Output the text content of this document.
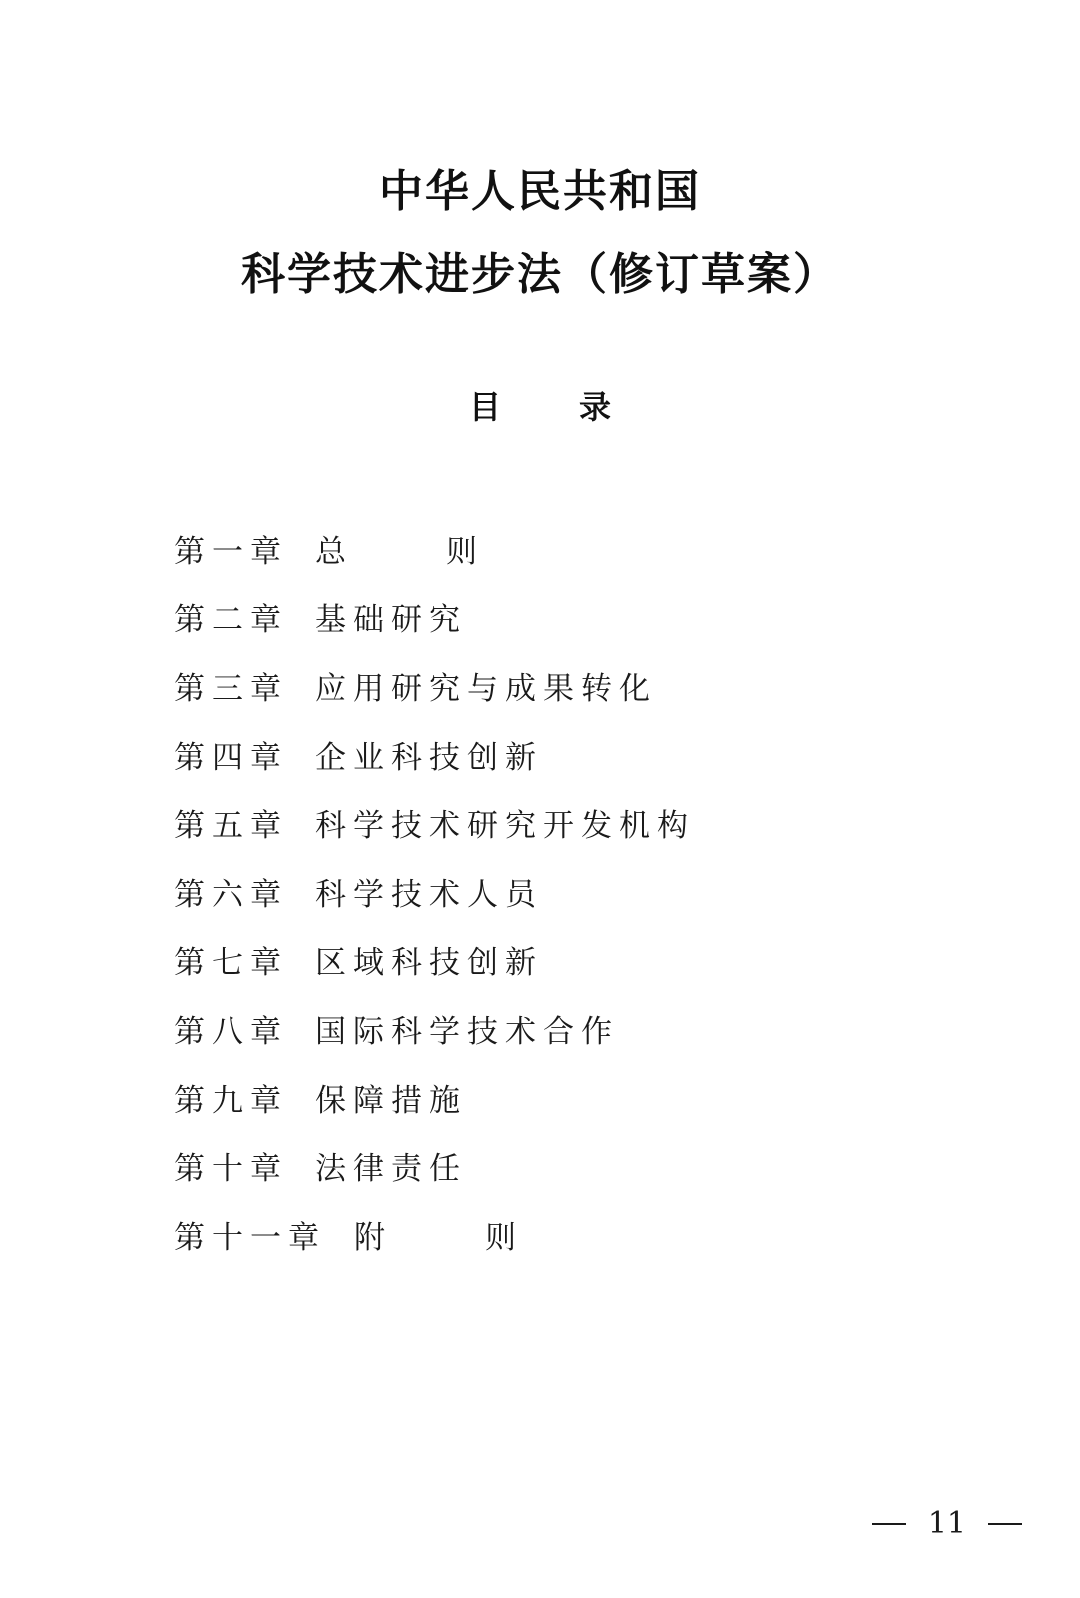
中华人民共和国
科学技术进步法（修订草案）
目录
第一章 总则
第二章 基础研究
第三章 应用研究与成果转化
第四章 企业科技创新
第五章 科学技术研究开发机构
第六章 科学技术人员
第七章 区域科技创新
第八章 国际科学技术合作
第九章 保障措施
第十章 法律责任
第十一章 附则
11
